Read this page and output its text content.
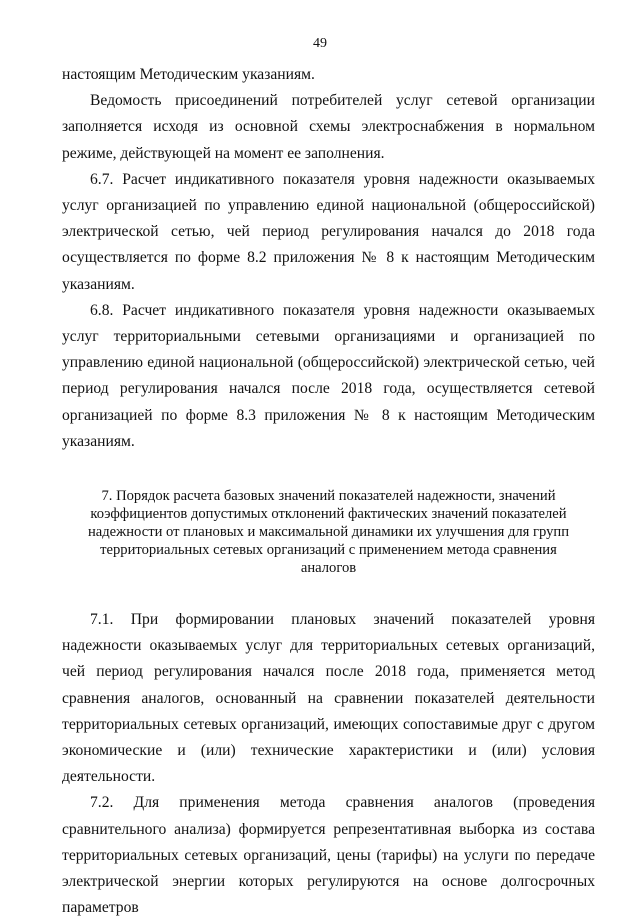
49

настоящим Методическим указаниям.

Ведомость присоединений потребителей услуг сетевой организации заполняется исходя из основной схемы электроснабжения в нормальном режиме, действующей на момент ее заполнения.

6.7. Расчет индикативного показателя уровня надежности оказываемых услуг организацией по управлению единой национальной (общероссийской) электрической сетью, чей период регулирования начался до 2018 года осуществляется по форме 8.2 приложения № 8 к настоящим Методическим указаниям.

6.8. Расчет индикативного показателя уровня надежности оказываемых услуг территориальными сетевыми организациями и организацией по управлению единой национальной (общероссийской) электрической сетью, чей период регулирования начался после 2018 года, осуществляется сетевой организацией по форме 8.3 приложения № 8 к настоящим Методическим указаниям.

7. Порядок расчета базовых значений показателей надежности, значений
коэффициентов допустимых отклонений фактических значений показателей
надежности от плановых и максимальной динамики их улучшения для групп
территориальных сетевых организаций с применением метода сравнения
аналогов

7.1. При формировании плановых значений показателей уровня надежности оказываемых услуг для территориальных сетевых организаций, чей период регулирования начался после 2018 года, применяется метод сравнения аналогов, основанный на сравнении показателей деятельности территориальных сетевых организаций, имеющих сопоставимые друг с другом экономические и (или) технические характеристики и (или) условия деятельности.

7.2. Для применения метода сравнения аналогов (проведения сравнительного анализа) формируется репрезентативная выборка из состава территориальных сетевых организаций, цены (тарифы) на услуги по передаче электрической энергии которых регулируются на основе долгосрочных параметров
